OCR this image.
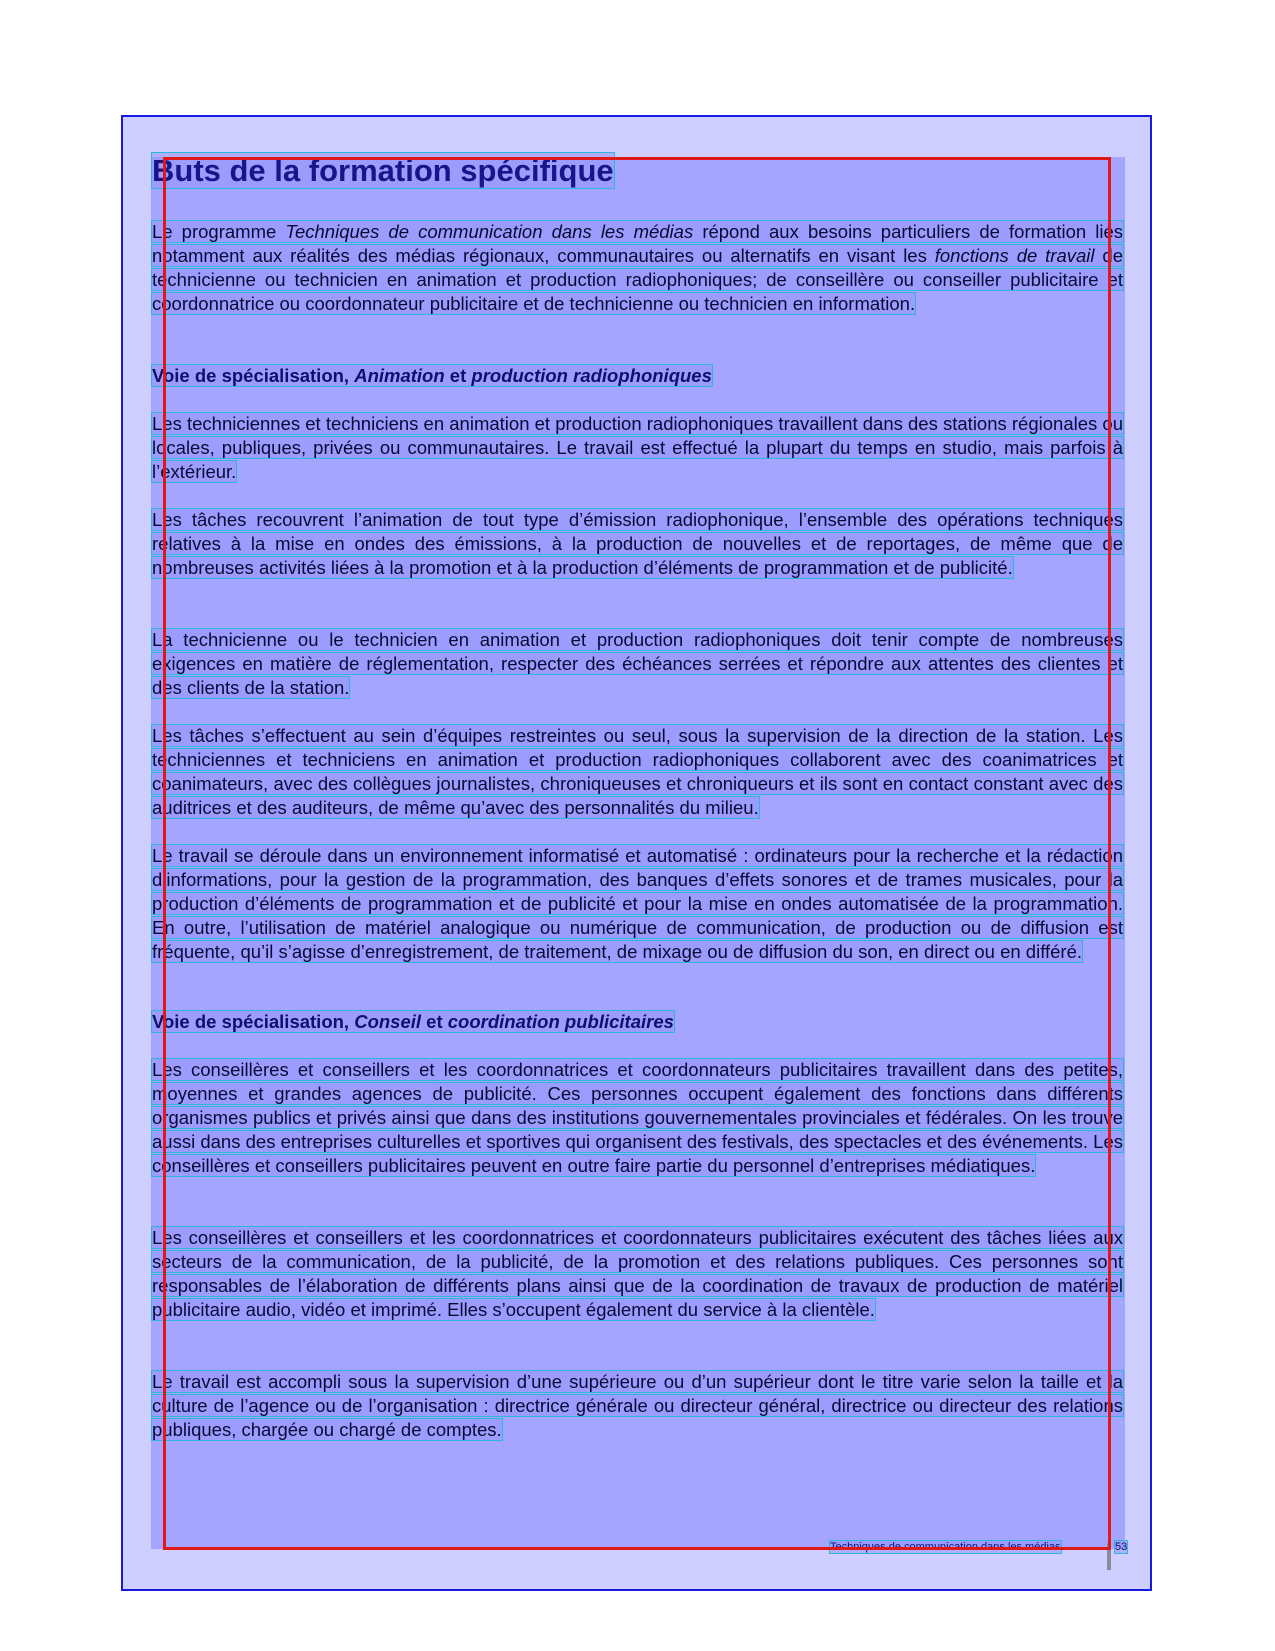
Buts de la formation spécifique

Le programme Techniques de communication dans les médias répond aux besoins particuliers de formation liés notamment aux réalités des médias régionaux, communautaires ou alternatifs en visant les fonctions de travail de technicienne ou technicien en animation et production radiophoniques; de conseillère ou conseiller publicitaire et coordonnatrice ou coordonnateur publicitaire et de technicienne ou technicien en information.

Voie de spécialisation, Animation et production radiophoniques

Les techniciennes et techniciens en animation et production radiophoniques travaillent dans des stations régionales ou locales, publiques, privées ou communautaires. Le travail est effectué la plupart du temps en studio, mais parfois à l’extérieur.

Les tâches recouvrent l’animation de tout type d’émission radiophonique, l’ensemble des opérations techniques relatives à la mise en ondes des émissions, à la production de nouvelles et de reportages, de même que de nombreuses activités liées à la promotion et à la production d’éléments de programmation et de publicité.

La technicienne ou le technicien en animation et production radiophoniques doit tenir compte de nombreuses exigences en matière de réglementation, respecter des échéances serrées et répondre aux attentes des clientes et des clients de la station.

Les tâches s’effectuent au sein d’équipes restreintes ou seul, sous la supervision de la direction de la station. Les techniciennes et techniciens en animation et production radiophoniques collaborent avec des coanimatrices et coanimateurs, avec des collègues journalistes, chroniqueuses et chroniqueurs et ils sont en contact constant avec des auditrices et des auditeurs, de même qu’avec des personnalités du milieu.

Le travail se déroule dans un environnement informatisé et automatisé : ordinateurs pour la recherche et la rédaction d’informations, pour la gestion de la programmation, des banques d’effets sonores et de trames musicales, pour la production d’éléments de programmation et de publicité et pour la mise en ondes automatisée de la programmation. En outre, l’utilisation de matériel analogique ou numérique de communication, de production ou de diffusion est fréquente, qu’il s’agisse d’enregistrement, de traitement, de mixage ou de diffusion du son, en direct ou en différé.

Voie de spécialisation, Conseil et coordination publicitaires

Les conseillères et conseillers et les coordonnatrices et coordonnateurs publicitaires travaillent dans des petites, moyennes et grandes agences de publicité. Ces personnes occupent également des fonctions dans différents organismes publics et privés ainsi que dans des institutions gouvernementales provinciales et fédérales. On les trouve aussi dans des entreprises culturelles et sportives qui organisent des festivals, des spectacles et des événements. Les conseillères et conseillers publicitaires peuvent en outre faire partie du personnel d’entreprises médiatiques.

Les conseillères et conseillers et les coordonnatrices et coordonnateurs publicitaires exécutent des tâches liées aux secteurs de la communication, de la publicité, de la promotion et des relations publiques. Ces personnes sont responsables de l’élaboration de différents plans ainsi que de la coordination de travaux de production de matériel publicitaire audio, vidéo et imprimé. Elles s’occupent également du service à la clientèle.

Le travail est accompli sous la supervision d’une supérieure ou d’un supérieur dont le titre varie selon la taille et la culture de l’agence ou de l’organisation : directrice générale ou directeur général, directrice ou directeur des relations publiques, chargée ou chargé de comptes.

Techniques de communication dans les médias	53
